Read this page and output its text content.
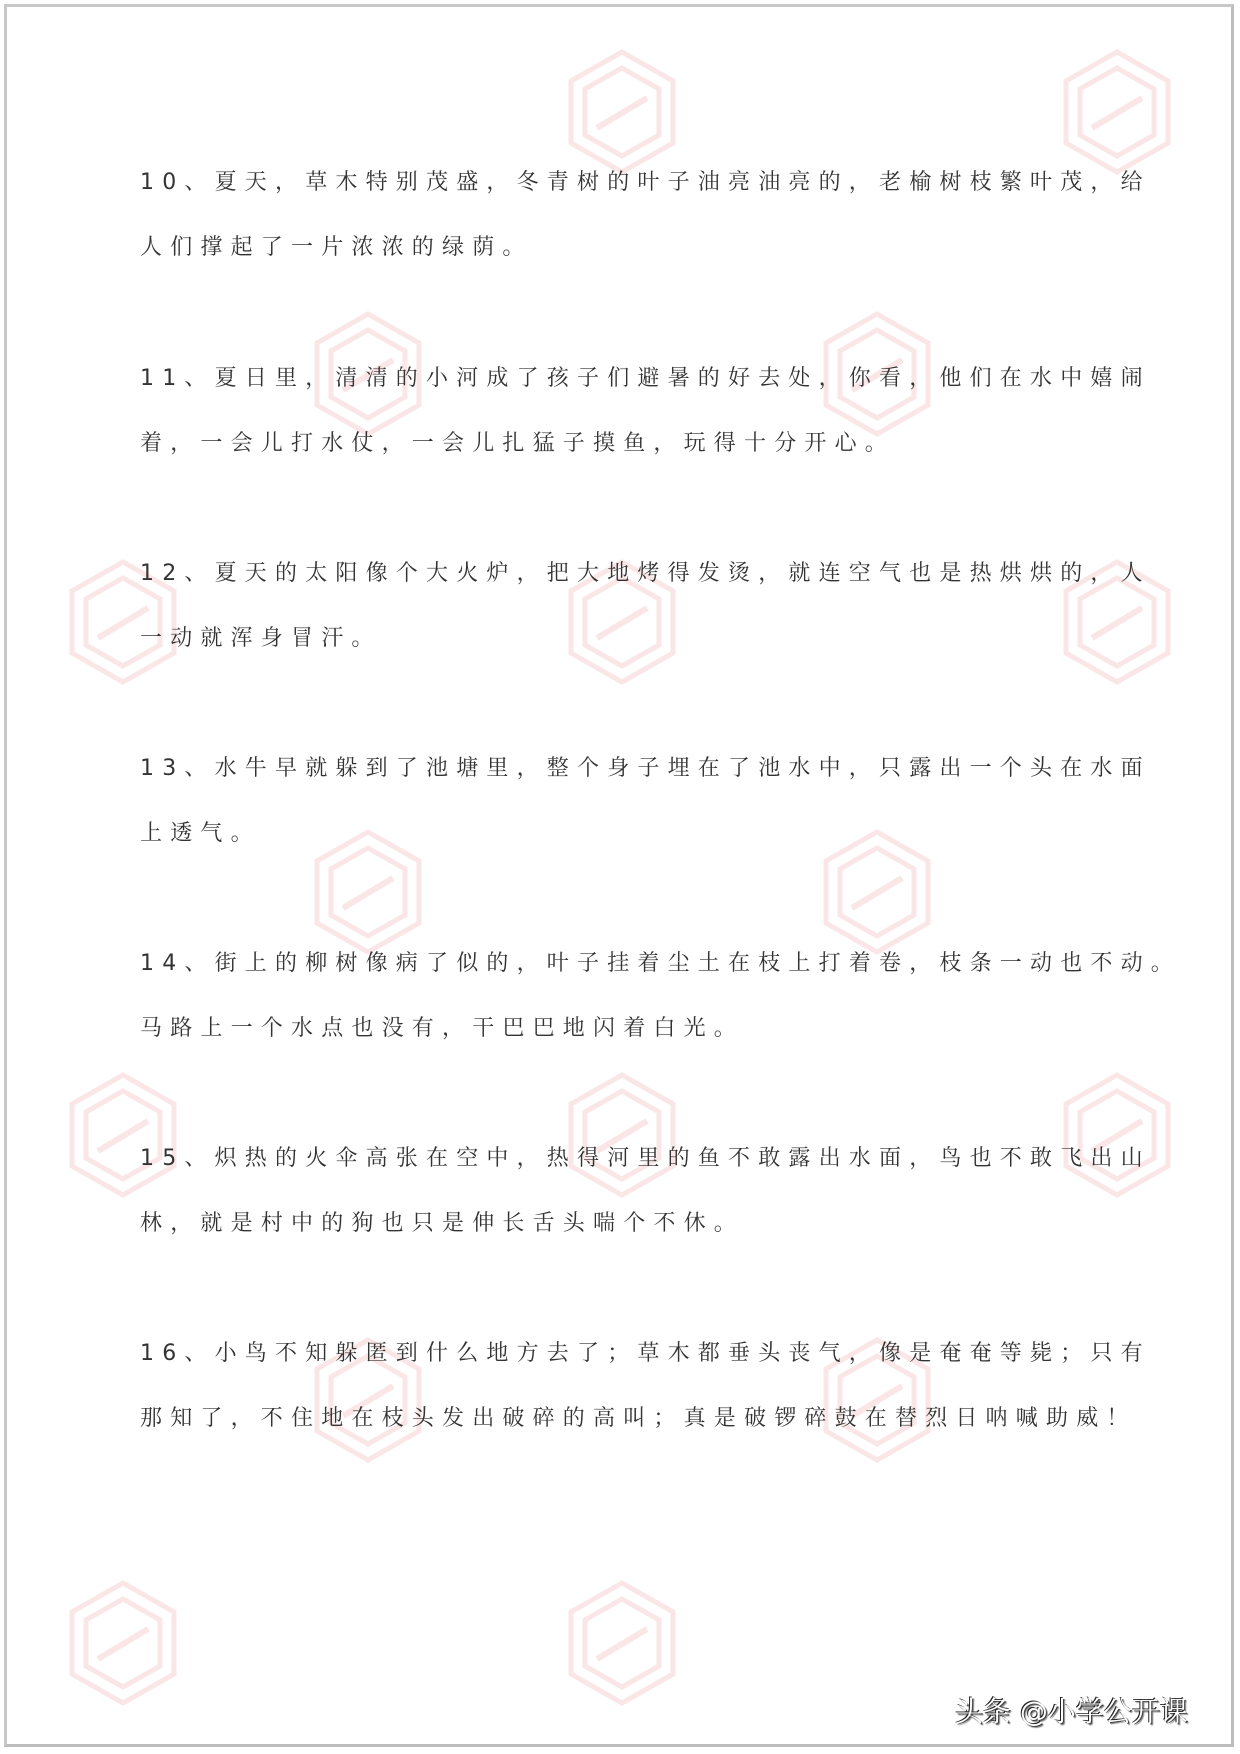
10、夏天，草木特别茂盛，冬青树的叶子油亮油亮的，老榆树枝繁叶茂，给
人们撑起了一片浓浓的绿荫。
11、夏日里，清清的小河成了孩子们避暑的好去处，你看，他们在水中嬉闹
着，一会儿打水仗，一会儿扎猛子摸鱼，玩得十分开心。
12、夏天的太阳像个大火炉，把大地烤得发烫，就连空气也是热烘烘的，人
一动就浑身冒汗。
13、水牛早就躲到了池塘里，整个身子埋在了池水中，只露出一个头在水面
上透气。
14、街上的柳树像病了似的，叶子挂着尘土在枝上打着卷，枝条一动也不动。
马路上一个水点也没有，干巴巴地闪着白光。
15、炽热的火伞高张在空中，热得河里的鱼不敢露出水面，鸟也不敢飞出山
林，就是村中的狗也只是伸长舌头喘个不休。
16、小鸟不知躲匿到什么地方去了；草木都垂头丧气，像是奄奄等毙；只有
那知了，不住地在枝头发出破碎的高叫；真是破锣碎鼓在替烈日呐喊助威！
头条 @小学公开课
